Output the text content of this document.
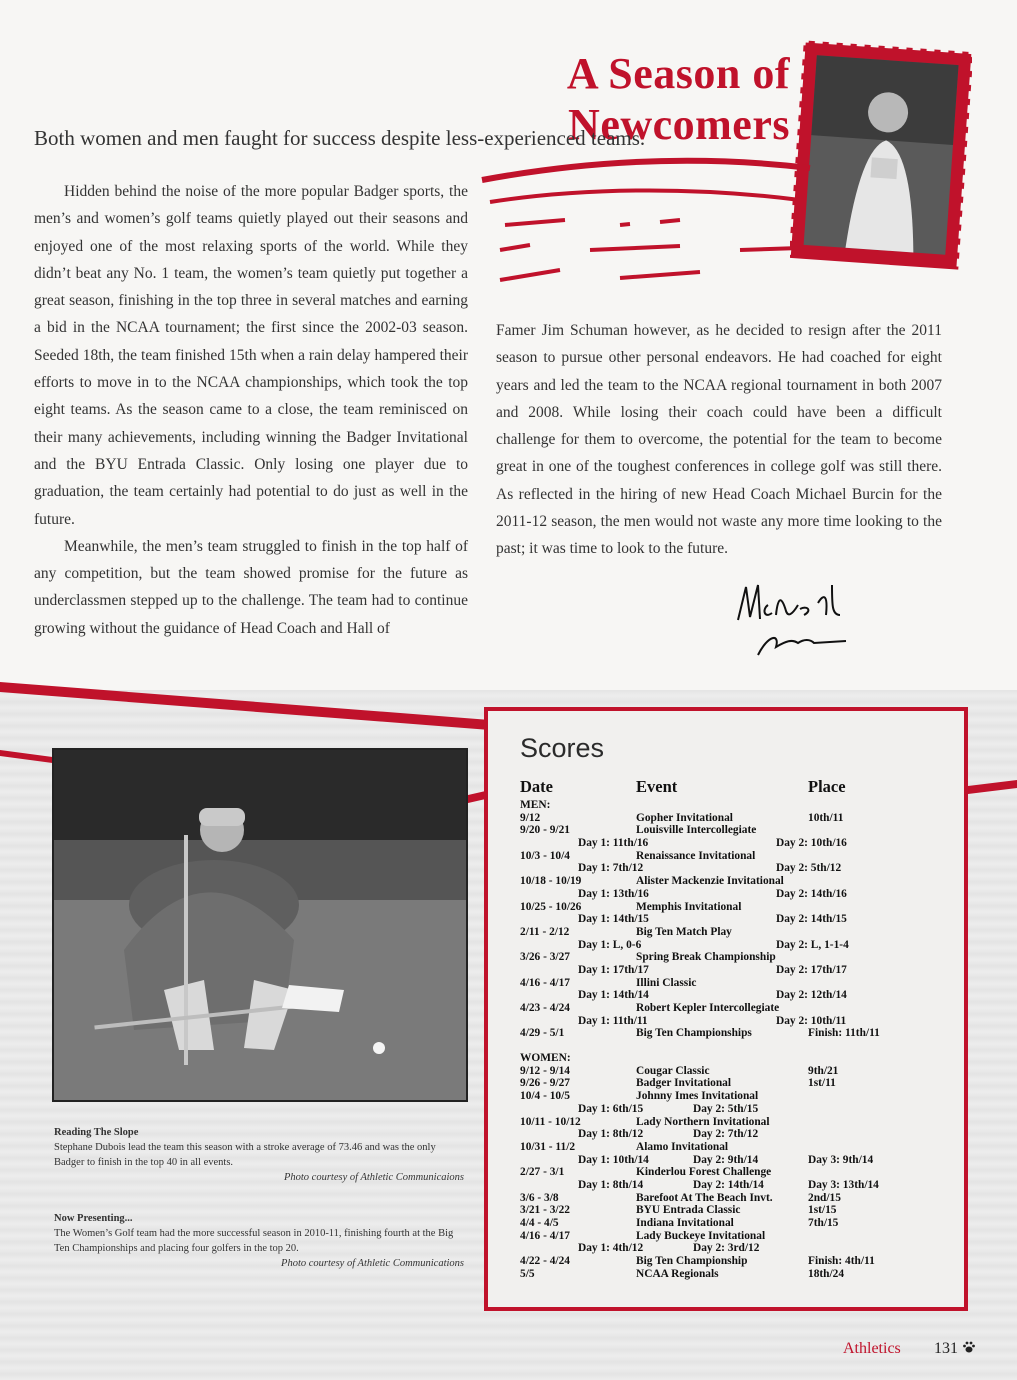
A Season of Newcomers
Both women and men faught for success despite less-experienced teams.

Hidden behind the noise of the more popular Badger sports, the men’s and women’s golf teams quietly played out their seasons and enjoyed one of the most relaxing sports of the world. While they didn’t beat any No. 1 team, the women’s team quietly put together a great season, finishing in the top three in several matches and earning a bid in the NCAA tournament; the first since the 2002-03 season. Seeded 18th, the team finished 15th when a rain delay hampered their efforts to move in to the NCAA championships, which took the top eight teams. As the season came to a close, the team reminisced on their many achievements, including winning the Badger Invitational and the BYU Entrada Classic. Only losing one player due to graduation, the team certainly had potential to do just as well in the future.

Meanwhile, the men’s team struggled to finish in the top half of any competition, but the team showed promise for the future as underclassmen stepped up to the challenge. The team had to continue growing without the guidance of Head Coach and Hall of

Famer Jim Schuman however, as he decided to resign after the 2011 season to pursue other personal endeavors. He had coached for eight years and led the team to the NCAA regional tournament in both 2007 and 2008. While losing their coach could have been a difficult challenge for them to overcome, the potential for the team to become great in one of the toughest conferences in college golf was still there. As reflected in the hiring of new Head Coach Michael Burcin for the 2011-12 season, the men would not waste any more time looking to the past; it was time to look to the future.

Reading The Slope
Stephane Dubois lead the team this season with a stroke average of 73.46 and was the only Badger to finish in the top 40 in all events.
Photo courtesy of Athletic Communicaions
Now Presenting...
The Women’s Golf team had the more successful season in 2010-11, finishing fourth at the Big Ten Championships and placing four golfers in the top 20.
Photo courtesy of Athletic Communications
Scores
Date	Event	Place
MEN:
9/12	Gopher Invitational	10th/11
9/20 - 9/21	Louisville Intercollegiate
Day 1: 11th/16	Day 2: 10th/16
10/3 - 10/4	Renaissance Invitational
Day 1: 7th/12	Day 2: 5th/12
10/18 - 10/19	Alister Mackenzie Invitational
Day 1: 13th/16	Day 2: 14th/16
10/25 - 10/26	Memphis Invitational
Day 1: 14th/15	Day 2: 14th/15
2/11 - 2/12	Big Ten Match Play
Day 1: L, 0-6	Day 2: L, 1-1-4
3/26 - 3/27	Spring Break Championship
Day 1: 17th/17	Day 2: 17th/17
4/16 - 4/17	Illini Classic
Day 1: 14th/14	Day 2: 12th/14
4/23 - 4/24	Robert Kepler Intercollegiate
Day 1: 11th/11	Day 2: 10th/11
4/29 - 5/1	Big Ten Championships	Finish: 11th/11
WOMEN:
9/12 - 9/14	Cougar Classic	9th/21
9/26 - 9/27	Badger Invitational	1st/11
10/4 - 10/5	Johnny Imes Invitational
Day 1: 6th/15	Day 2: 5th/15
10/11 - 10/12	Lady Northern Invitational
Day 1: 8th/12	Day 2: 7th/12
10/31 - 11/2	Alamo Invitational
Day 1: 10th/14	Day 2: 9th/14	Day 3: 9th/14
2/27 - 3/1	Kinderlou Forest Challenge
Day 1: 8th/14	Day 2: 14th/14	Day 3: 13th/14
3/6 - 3/8	Barefoot At The Beach Invt.	2nd/15
3/21 - 3/22	BYU Entrada Classic	1st/15
4/4 - 4/5	Indiana Invitational	7th/15
4/16 - 4/17	Lady Buckeye Invitational
Day 1: 4th/12	Day 2: 3rd/12
4/22 - 4/24	Big Ten Championship	Finish: 4th/11
5/5	NCAA Regionals	18th/24
Athletics 131
